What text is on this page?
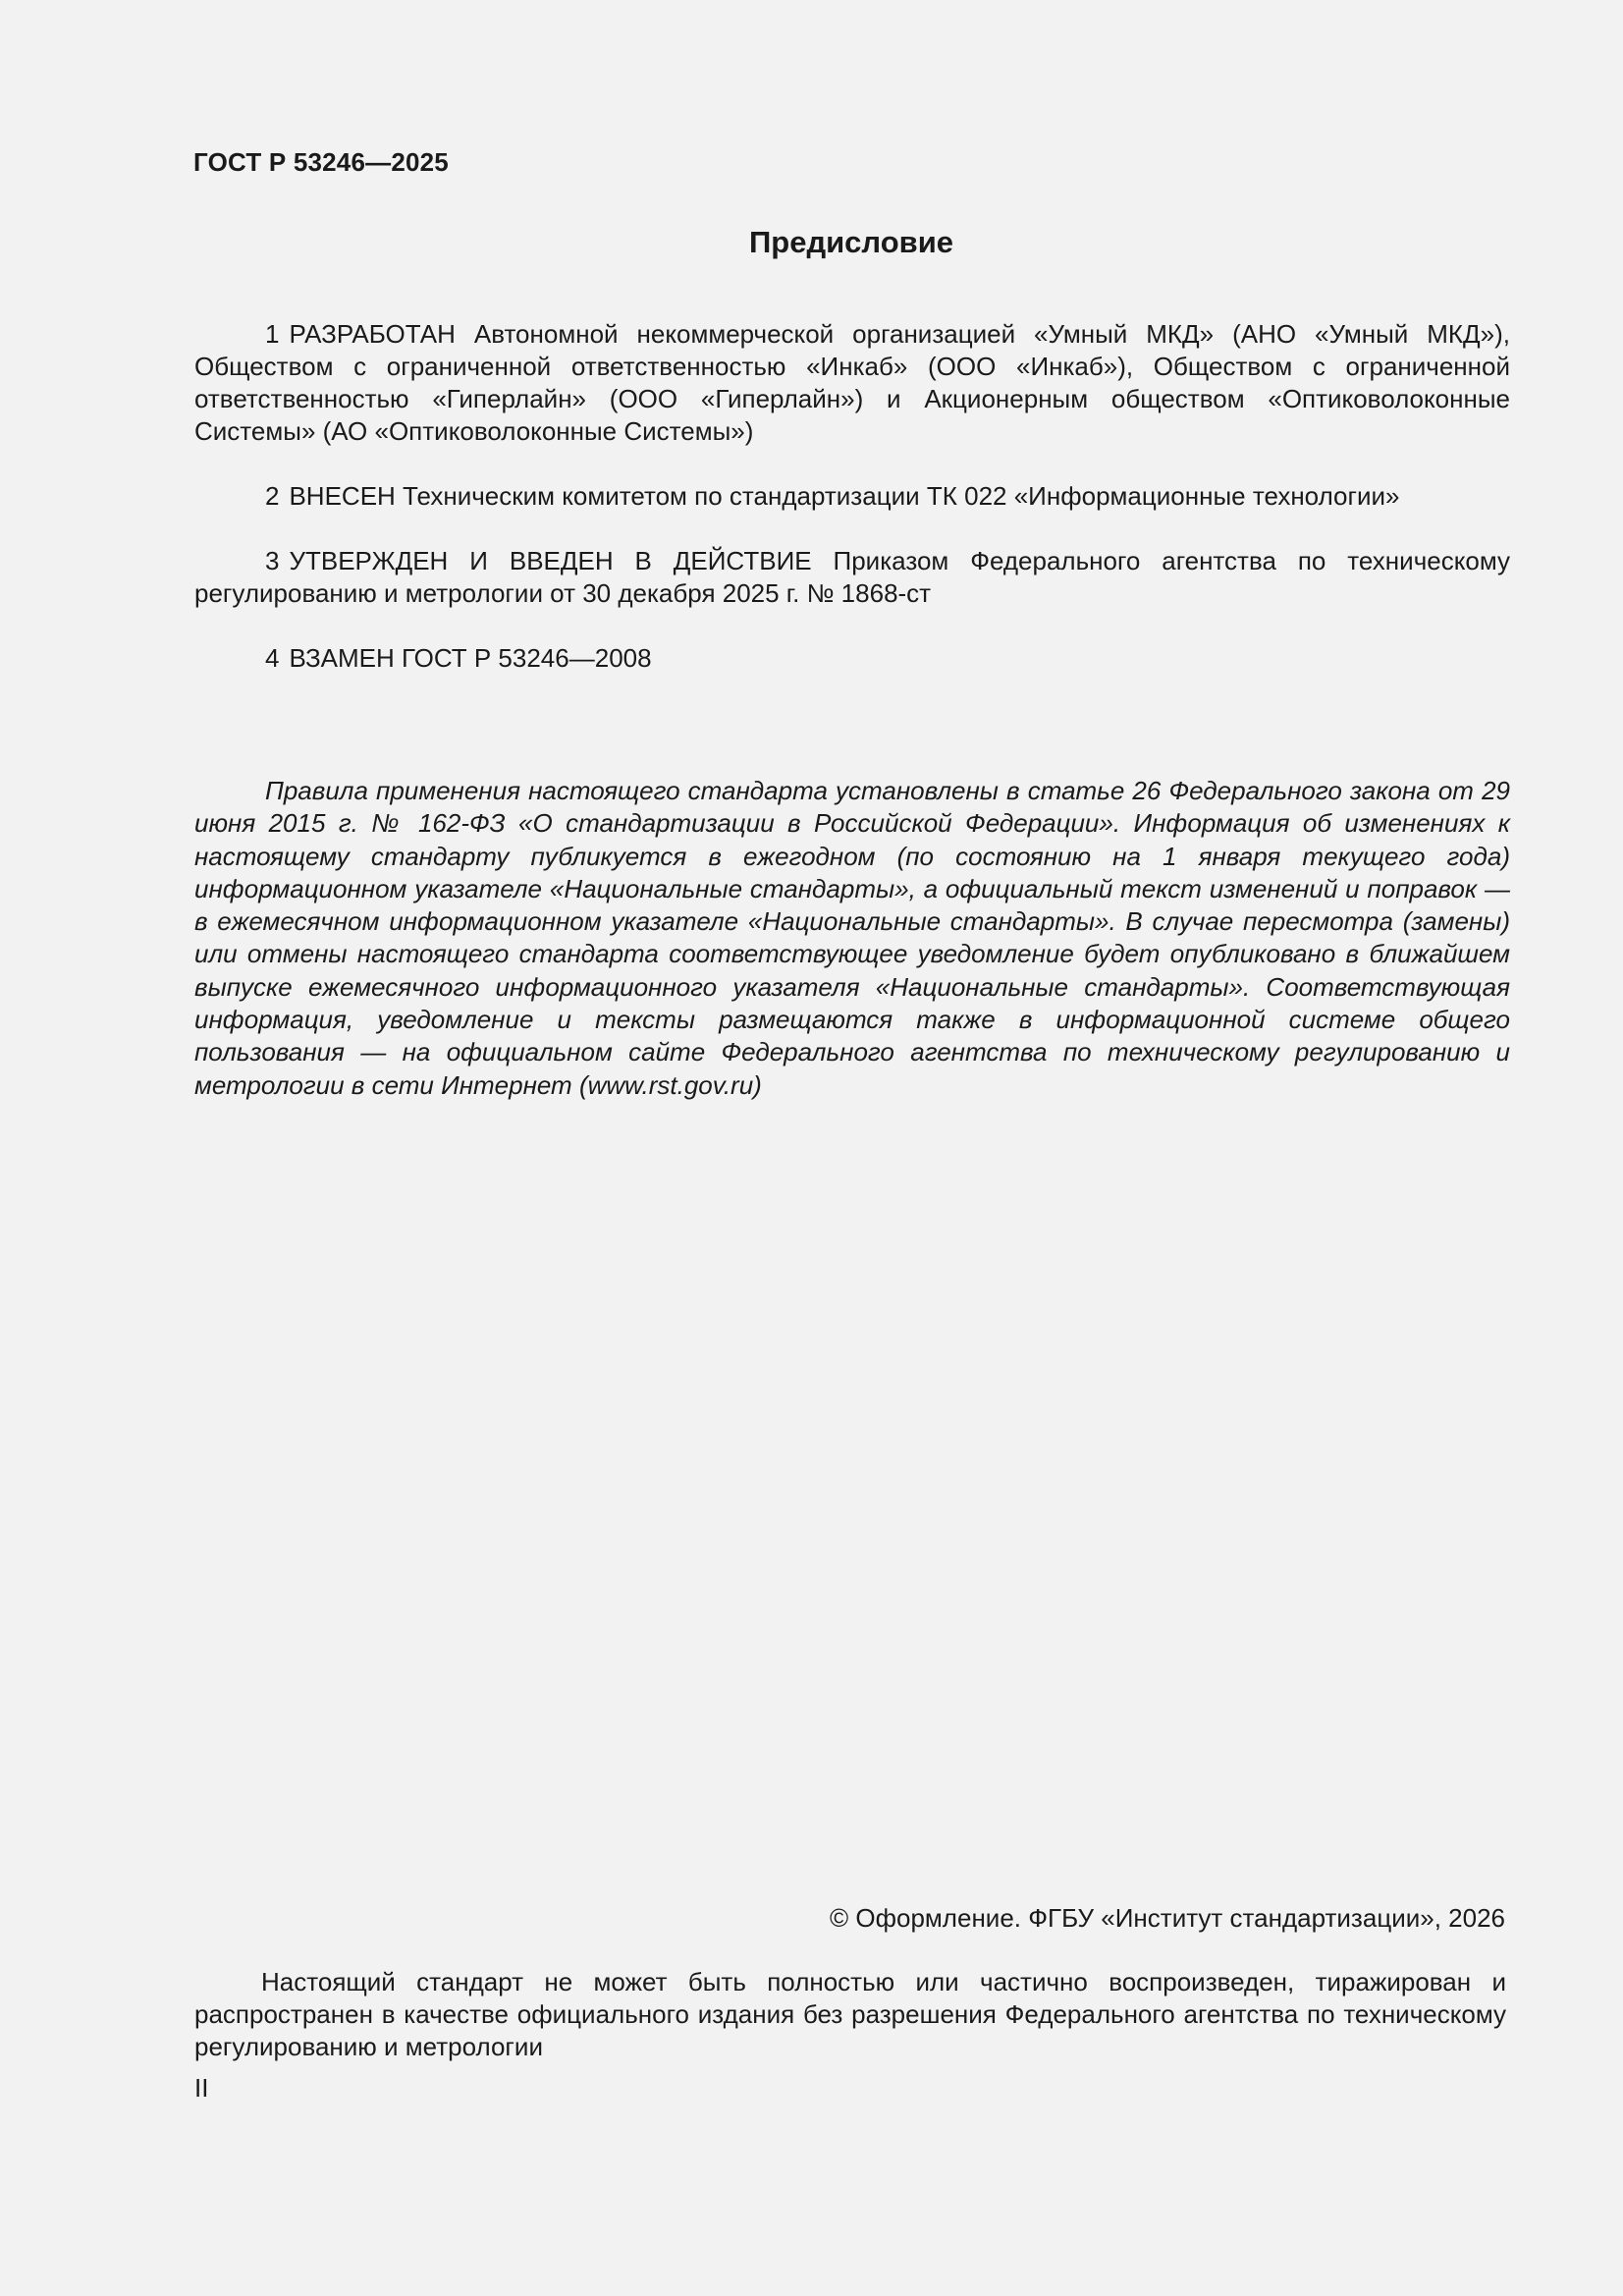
ГОСТ Р 53246—2025
Предисловие

1 РАЗРАБОТАН Автономной некоммерческой организацией «Умный МКД» (АНО «Умный МКД»), Обществом с ограниченной ответственностью «Инкаб» (ООО «Инкаб»), Обществом с ограниченной ответственностью «Гиперлайн» (ООО «Гиперлайн») и Акционерным обществом «Оптиковолоконные Системы» (АО «Оптиковолоконные Системы»)

2 ВНЕСЕН Техническим комитетом по стандартизации ТК 022 «Информационные технологии»

3 УТВЕРЖДЕН И ВВЕДЕН В ДЕЙСТВИЕ Приказом Федерального агентства по техническому регулированию и метрологии от 30 декабря 2025 г. № 1868-ст

4 ВЗАМЕН ГОСТ Р 53246—2008

Правила применения настоящего стандарта установлены в статье 26 Федерального закона от 29 июня 2015 г. № 162-ФЗ «О стандартизации в Российской Федерации». Информация об изменениях к настоящему стандарту публикуется в ежегодном (по состоянию на 1 января текущего года) информационном указателе «Национальные стандарты», а официальный текст изменений и поправок — в ежемесячном информационном указателе «Национальные стандарты». В случае пересмотра (замены) или отмены настоящего стандарта соответствующее уведомление будет опубликовано в ближайшем выпуске ежемесячного информационного указателя «Национальные стандарты». Соответствующая информация, уведомление и тексты размещаются также в информационной системе общего пользования — на официальном сайте Федерального агентства по техническому регулированию и метрологии в сети Интернет (www.rst.gov.ru)

© Оформление. ФГБУ «Институт стандартизации», 2026

Настоящий стандарт не может быть полностью или частично воспроизведен, тиражирован и распространен в качестве официального издания без разрешения Федерального агентства по техническому регулированию и метрологии

II
